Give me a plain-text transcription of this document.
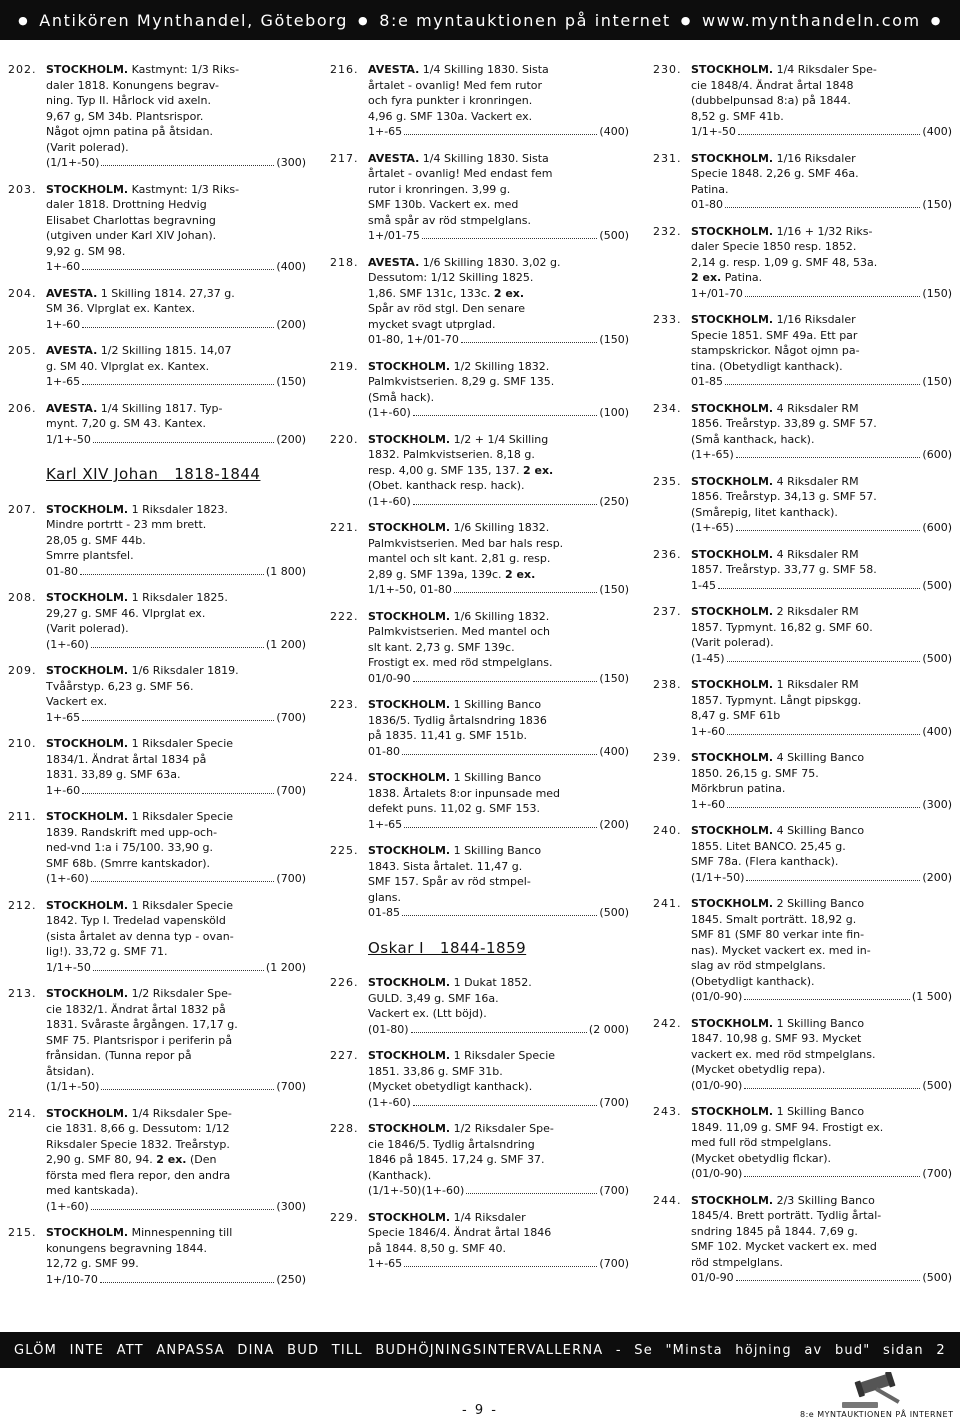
● Antikören Mynthandel, Göteborg ● 8:e myntauktionen på internet ● www.mynthandeln.com ●
202. STOCKHOLM. Kastmynt: 1/3 Riks-
daler 1818. Konungens begrav-
ning. Typ II. Hårlock vid axeln.
9,67 g, SM 34b. Plantsrispor.
Något ojmn patina på åtsidan.
(Varit polerad).
(1/1+-50)	(300)
203. STOCKHOLM. Kastmynt: 1/3 Riks-
daler 1818. Drottning Hedvig
Elisabet Charlottas begravning
(utgiven under Karl XIV Johan).
9,92 g. SM 98.
1+-60	(400)
204. AVESTA. 1 Skilling 1814. 27,37 g.
SM 36. Vlprglat ex. Kantex.
1+-60	(200)
205. AVESTA. 1/2 Skilling 1815. 14,07
g. SM 40. Vlprglat ex. Kantex.
1+-65	(150)
206. AVESTA. 1/4 Skilling 1817. Typ-
mynt. 7,20 g. SM 43. Kantex.
1/1+-50	(200)
Karl XIV Johan   1818-1844
207. STOCKHOLM. 1 Riksdaler 1823.
Mindre portrtt - 23 mm brett.
28,05 g. SMF 44b.
Smrre plantsfel.
01-80	(1 800)
208. STOCKHOLM. 1 Riksdaler 1825.
29,27 g. SMF 46. Vlprglat ex.
(Varit polerad).
(1+-60)	(1 200)
209. STOCKHOLM. 1/6 Riksdaler 1819.
Tvåårstyp. 6,23 g. SMF 56.
Vackert ex.
1+-65	(700)
210. STOCKHOLM. 1 Riksdaler Specie
1834/1. Ändrat årtal 1834 på
1831. 33,89 g. SMF 63a.
1+-60	(700)
211. STOCKHOLM. 1 Riksdaler Specie
1839. Randskrift med upp-och-
ned-vnd 1:a i 75/100. 33,90 g.
SMF 68b. (Smrre kantskador).
(1+-60)	(700)
212. STOCKHOLM. 1 Riksdaler Specie
1842. Typ I. Tredelad vapensköld
(sista årtalet av denna typ - ovan-
lig!). 33,72 g. SMF 71.
1/1+-50	(1 200)
213. STOCKHOLM. 1/2 Riksdaler Spe-
cie 1832/1. Ändrat årtal 1832 på
1831. Svåraste årgången. 17,17 g.
SMF 75. Plantsrispor i periferin på
frånsidan. (Tunna repor på
åtsidan).
(1/1+-50)	(700)
214. STOCKHOLM. 1/4 Riksdaler Spe-
cie 1831. 8,66 g. Dessutom: 1/12
Riksdaler Specie 1832. Treårstyp.
2,90 g. SMF 80, 94. 2 ex. (Den
första med flera repor, den andra
med kantskada).
(1+-60)	(300)
215. STOCKHOLM. Minnespenning till
konungens begravning 1844.
12,72 g. SMF 99.
1+/10-70	(250)
216. AVESTA. 1/4 Skilling 1830. Sista
årtalet - ovanlig! Med fem rutor
och fyra punkter i kronringen.
4,96 g. SMF 130a. Vackert ex.
1+-65	(400)
217. AVESTA. 1/4 Skilling 1830. Sista
årtalet - ovanlig! Med endast fem
rutor i kronringen. 3,99 g.
SMF 130b. Vackert ex. med
små spår av röd stmpelglans.
1+/01-75	(500)
218. AVESTA. 1/6 Skilling 1830. 3,02 g.
Dessutom: 1/12 Skilling 1825.
1,86. SMF 131c, 133c. 2 ex.
Spår av röd stgl. Den senare
mycket svagt utprglad.
01-80, 1+/01-70	(150)
219. STOCKHOLM. 1/2 Skilling 1832.
Palmkvistserien. 8,29 g. SMF 135.
(Små hack).
(1+-60)	(100)
220. STOCKHOLM. 1/2 + 1/4 Skilling
1832. Palmkvistserien. 8,18 g.
resp. 4,00 g. SMF 135, 137. 2 ex.
(Obet. kanthack resp. hack).
(1+-60)	(250)
221. STOCKHOLM. 1/6 Skilling 1832.
Palmkvistserien. Med bar hals resp.
mantel och slt kant. 2,81 g. resp.
2,89 g. SMF 139a, 139c. 2 ex.
1/1+-50, 01-80	(150)
222. STOCKHOLM. 1/6 Skilling 1832.
Palmkvistserien. Med mantel och
slt kant. 2,73 g. SMF 139c.
Frostigt ex. med röd stmpelglans.
01/0-90	(150)
223. STOCKHOLM. 1 Skilling Banco
1836/5. Tydlig årtalsndring 1836
på 1835. 11,41 g. SMF 151b.
01-80	(400)
224. STOCKHOLM. 1 Skilling Banco
1838. Årtalets 8:or inpunsade med
defekt puns. 11,02 g. SMF 153.
1+-65	(200)
225. STOCKHOLM. 1 Skilling Banco
1843. Sista årtalet. 11,47 g.
SMF 157. Spår av röd stmpel-
glans.
01-85	(500)
Oskar I   1844-1859
226. STOCKHOLM. 1 Dukat 1852.
GULD. 3,49 g. SMF 16a.
Vackert ex. (Ltt böjd).
(01-80)	(2 000)
227. STOCKHOLM. 1 Riksdaler Specie
1851. 33,86 g. SMF 31b.
(Mycket obetydligt kanthack).
(1+-60)	(700)
228. STOCKHOLM. 1/2 Riksdaler Spe-
cie 1846/5. Tydlig årtalsndring
1846 på 1845. 17,24 g. SMF 37.
(Kanthack).
(1/1+-50)(1+-60)	(700)
229. STOCKHOLM. 1/4 Riksdaler
Specie 1846/4. Ändrat årtal 1846
på 1844. 8,50 g. SMF 40.
1+-65	(700)
230. STOCKHOLM. 1/4 Riksdaler Spe-
cie 1848/4. Ändrat årtal 1848
(dubbelpunsad 8:a) på 1844.
8,52 g. SMF 41b.
1/1+-50	(400)
231. STOCKHOLM. 1/16 Riksdaler
Specie 1848. 2,26 g. SMF 46a.
Patina.
01-80	(150)
232. STOCKHOLM. 1/16 + 1/32 Riks-
daler Specie 1850 resp. 1852.
2,14 g. resp. 1,09 g. SMF 48, 53a.
2 ex. Patina.
1+/01-70	(150)
233. STOCKHOLM. 1/16 Riksdaler
Specie 1851. SMF 49a. Ett par
stampskrickor. Något ojmn pa-
tina. (Obetydligt kanthack).
01-85	(150)
234. STOCKHOLM. 4 Riksdaler RM
1856. Treårstyp. 33,89 g. SMF 57.
(Små kanthack, hack).
(1+-65)	(600)
235. STOCKHOLM. 4 Riksdaler RM
1856. Treårstyp. 34,13 g. SMF 57.
(Smårepig, litet kanthack).
(1+-65)	(600)
236. STOCKHOLM. 4 Riksdaler RM
1857. Treårstyp. 33,77 g. SMF 58.
1-45	(500)
237. STOCKHOLM. 2 Riksdaler RM
1857. Typmynt. 16,82 g. SMF 60.
(Varit polerad).
(1-45)	(500)
238. STOCKHOLM. 1 Riksdaler RM
1857. Typmynt. Långt pipskgg.
8,47 g. SMF 61b
1+-60	(400)
239. STOCKHOLM. 4 Skilling Banco
1850. 26,15 g. SMF 75.
Mörkbrun patina.
1+-60	(300)
240. STOCKHOLM. 4 Skilling Banco
1855. Litet BANCO. 25,45 g.
SMF 78a. (Flera kanthack).
(1/1+-50)	(200)
241. STOCKHOLM. 2 Skilling Banco
1845. Smalt porträtt. 18,92 g.
SMF 81 (SMF 80 verkar inte fin-
nas). Mycket vackert ex. med in-
slag av röd stmpelglans.
(Obetydligt kanthack).
(01/0-90)	(1 500)
242. STOCKHOLM. 1 Skilling Banco
1847. 10,98 g. SMF 93. Mycket
vackert ex. med röd stmpelglans.
(Mycket obetydlig repa).
(01/0-90)	(500)
243. STOCKHOLM. 1 Skilling Banco
1849. 11,09 g. SMF 94. Frostigt ex.
med full röd stmpelglans.
(Mycket obetydlig flckar).
(01/0-90)	(700)
244. STOCKHOLM. 2/3 Skilling Banco
1845/4. Brett porträtt. Tydlig årtal-
sndring 1845 på 1844. 7,69 g.
SMF 102. Mycket vackert ex. med
röd stmpelglans.
01/0-90	(500)
GLÖM INTE ATT ANPASSA DINA BUD TILL BUDHÖJNINGSINTERVALLERNA - Se "Minsta höjning av bud" sidan 2
- 9 -	8:e MYNTAUKTIONEN PÅ INTERNET
